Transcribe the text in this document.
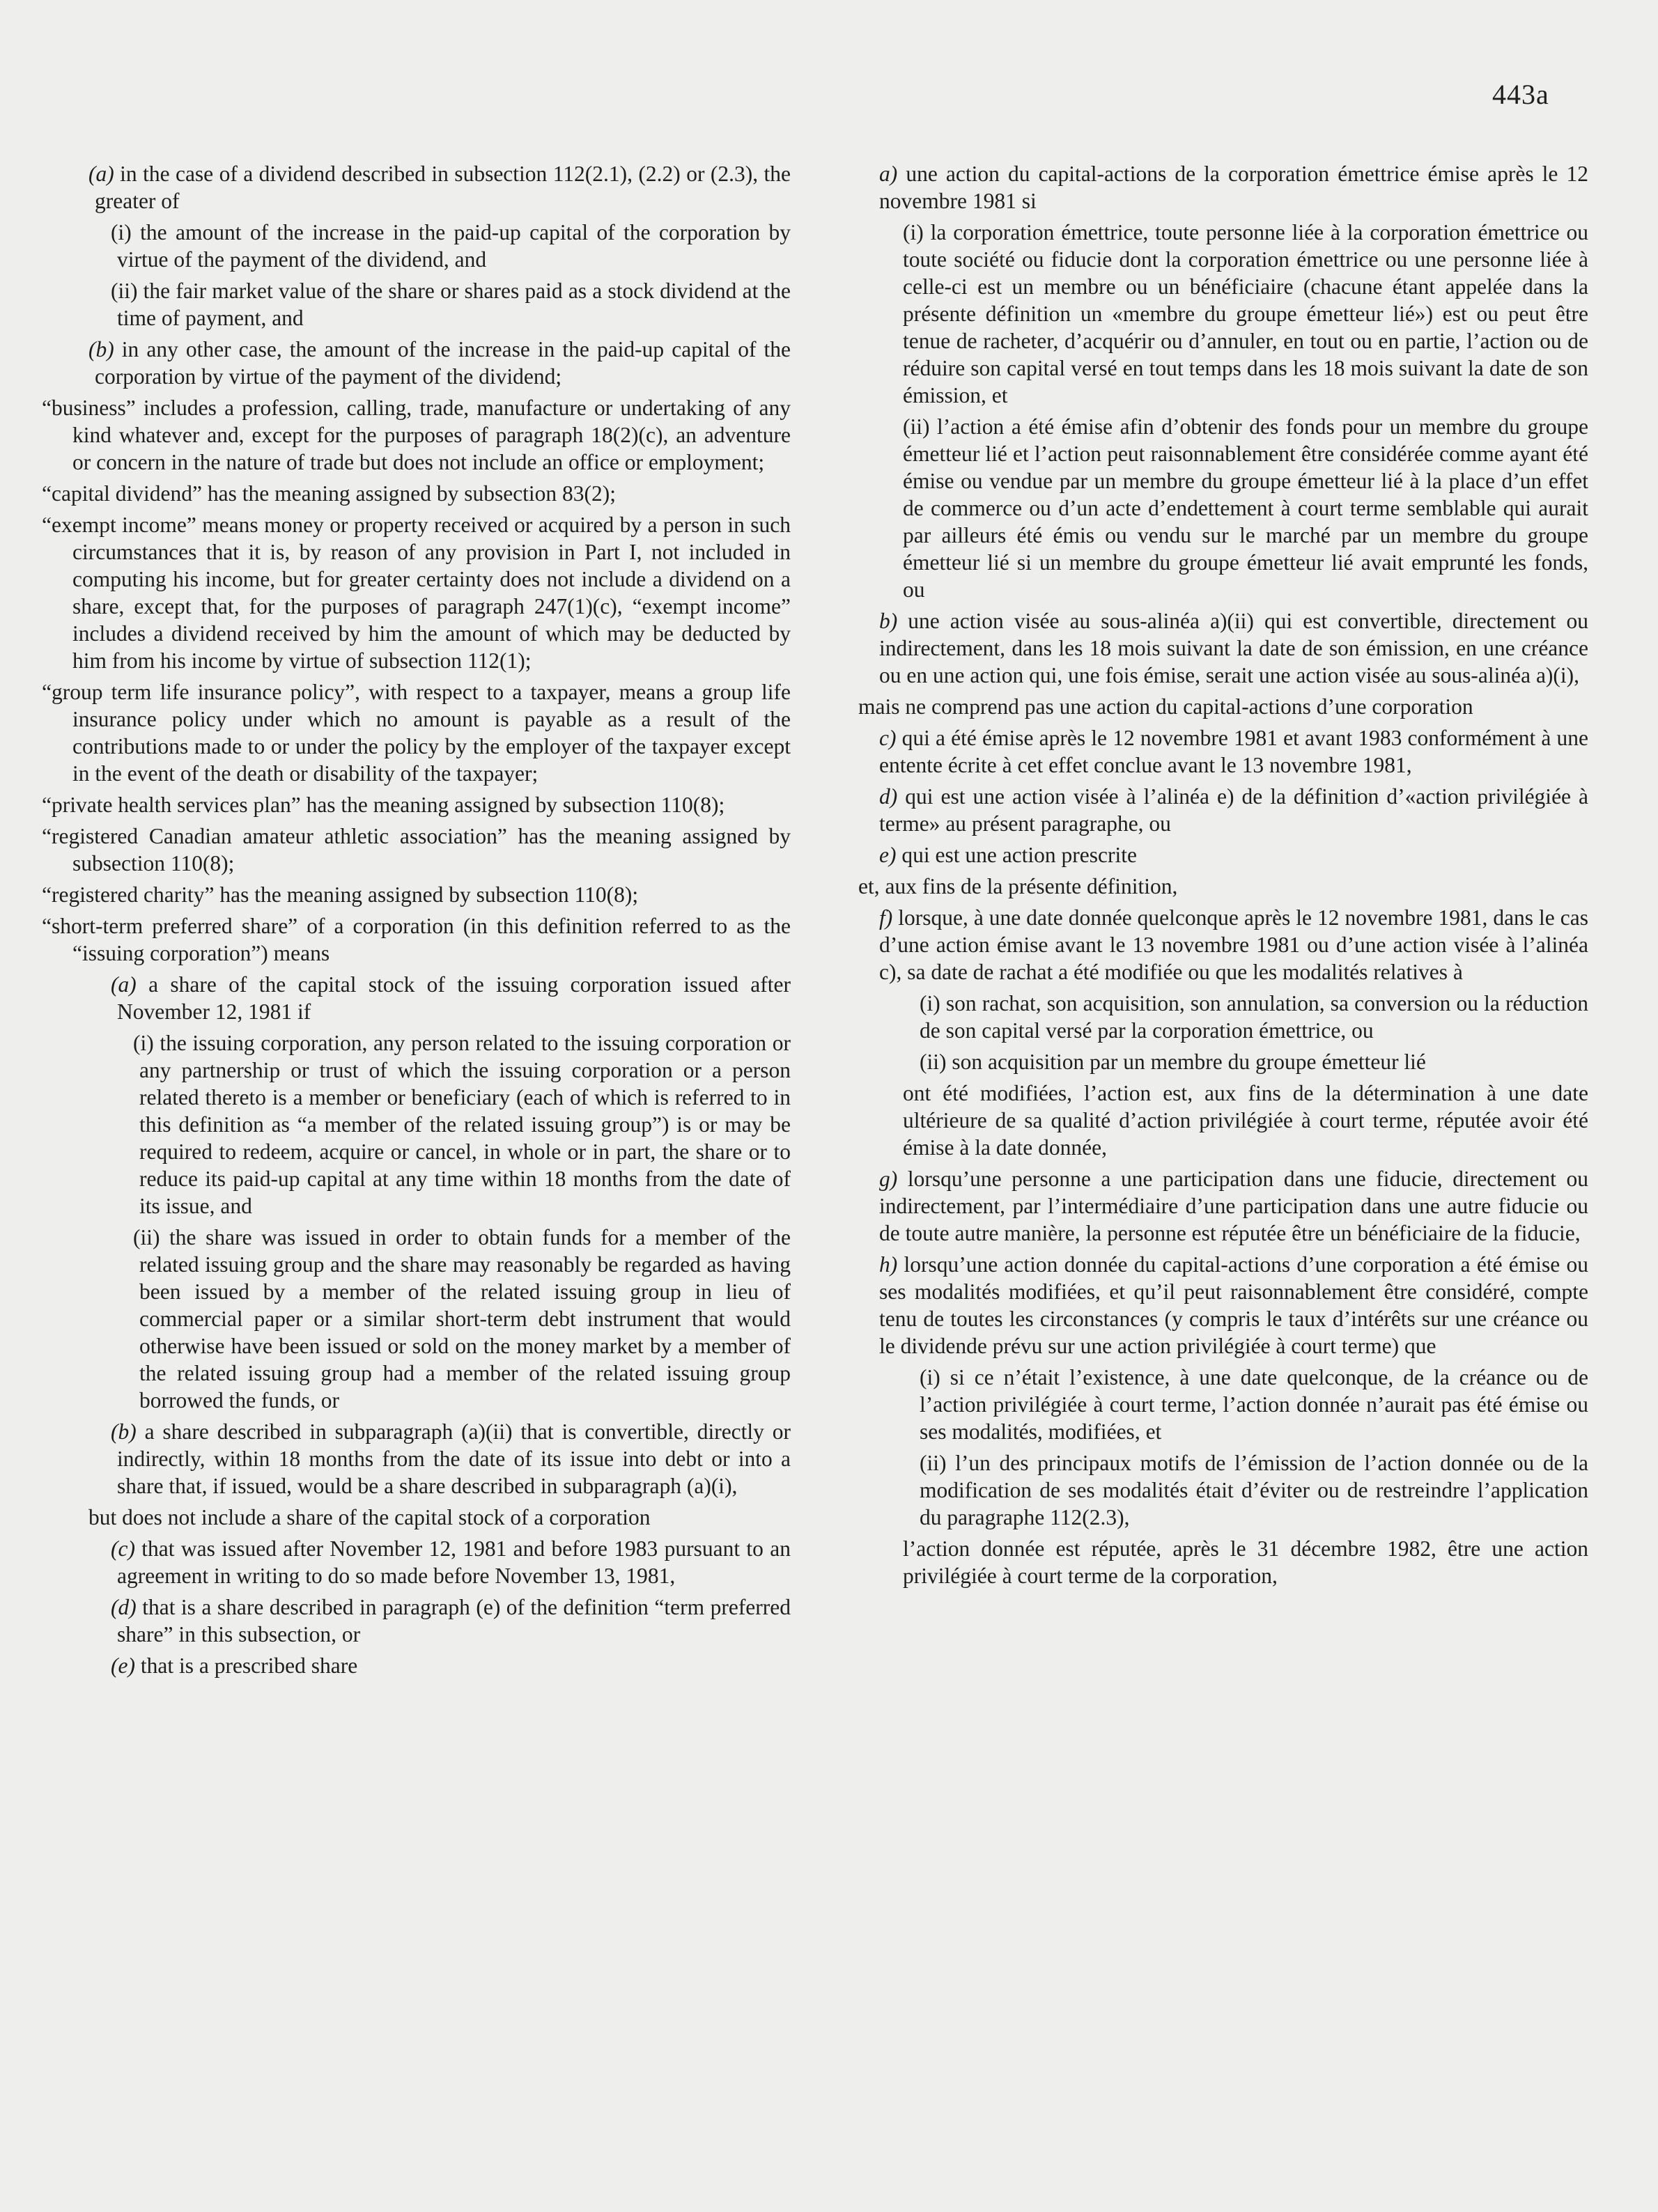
443a

(a) in the case of a dividend described in subsection 112(2.1), (2.2) or (2.3), the greater of

(i) the amount of the increase in the paid-up capital of the corporation by virtue of the payment of the dividend, and

(ii) the fair market value of the share or shares paid as a stock dividend at the time of payment, and

(b) in any other case, the amount of the increase in the paid-up capital of the corporation by virtue of the payment of the dividend;

“business” includes a profession, calling, trade, manufacture or undertaking of any kind whatever and, except for the purposes of paragraph 18(2)(c), an adventure or concern in the nature of trade but does not include an office or employment;

“capital dividend” has the meaning assigned by subsection 83(2);

“exempt income” means money or property received or acquired by a person in such circumstances that it is, by reason of any provision in Part I, not included in computing his income, but for greater certainty does not include a dividend on a share, except that, for the purposes of paragraph 247(1)(c), “exempt income” includes a dividend received by him the amount of which may be deducted by him from his income by virtue of subsection 112(1);

“group term life insurance policy”, with respect to a taxpayer, means a group life insurance policy under which no amount is payable as a result of the contributions made to or under the policy by the employer of the taxpayer except in the event of the death or disability of the taxpayer;

“private health services plan” has the meaning assigned by subsection 110(8);

“registered Canadian amateur athletic association” has the meaning assigned by subsection 110(8);

“registered charity” has the meaning assigned by subsection 110(8);

“short-term preferred share” of a corporation (in this definition referred to as the “issuing corporation”) means

(a) a share of the capital stock of the issuing corporation issued after November 12, 1981 if

(i) the issuing corporation, any person related to the issuing corporation or any partnership or trust of which the issuing corporation or a person related thereto is a member or beneficiary (each of which is referred to in this definition as “a member of the related issuing group”) is or may be required to redeem, acquire or cancel, in whole or in part, the share or to reduce its paid-up capital at any time within 18 months from the date of its issue, and

(ii) the share was issued in order to obtain funds for a member of the related issuing group and the share may reasonably be regarded as having been issued by a member of the related issuing group in lieu of commercial paper or a similar short-term debt instrument that would otherwise have been issued or sold on the money market by a member of the related issuing group had a member of the related issuing group borrowed the funds, or

(b) a share described in subparagraph (a)(ii) that is convertible, directly or indirectly, within 18 months from the date of its issue into debt or into a share that, if issued, would be a share described in subparagraph (a)(i),

but does not include a share of the capital stock of a corporation

(c) that was issued after November 12, 1981 and before 1983 pursuant to an agreement in writing to do so made before November 13, 1981,

(d) that is a share described in paragraph (e) of the definition “term preferred share” in this subsection, or

(e) that is a prescribed share

a) une action du capital-actions de la corporation émettrice émise après le 12 novembre 1981 si

(i) la corporation émettrice, toute personne liée à la corporation émettrice ou toute société ou fiducie dont la corporation émettrice ou une personne liée à celle-ci est un membre ou un bénéficiaire (chacune étant appelée dans la présente définition un «membre du groupe émetteur lié») est ou peut être tenue de racheter, d’acquérir ou d’annuler, en tout ou en partie, l’action ou de réduire son capital versé en tout temps dans les 18 mois suivant la date de son émission, et

(ii) l’action a été émise afin d’obtenir des fonds pour un membre du groupe émetteur lié et l’action peut raisonnablement être considérée comme ayant été émise ou vendue par un membre du groupe émetteur lié à la place d’un effet de commerce ou d’un acte d’endettement à court terme semblable qui aurait par ailleurs été émis ou vendu sur le marché par un membre du groupe émetteur lié si un membre du groupe émetteur lié avait emprunté les fonds, ou

b) une action visée au sous-alinéa a)(ii) qui est convertible, directement ou indirectement, dans les 18 mois suivant la date de son émission, en une créance ou en une action qui, une fois émise, serait une action visée au sous-alinéa a)(i),

mais ne comprend pas une action du capital-actions d’une corporation

c) qui a été émise après le 12 novembre 1981 et avant 1983 conformément à une entente écrite à cet effet conclue avant le 13 novembre 1981,

d) qui est une action visée à l’alinéa e) de la définition d’«action privilégiée à terme» au présent paragraphe, ou

e) qui est une action prescrite

et, aux fins de la présente définition,

f) lorsque, à une date donnée quelconque après le 12 novembre 1981, dans le cas d’une action émise avant le 13 novembre 1981 ou d’une action visée à l’alinéa c), sa date de rachat a été modifiée ou que les modalités relatives à

(i) son rachat, son acquisition, son annulation, sa conversion ou la réduction de son capital versé par la corporation émettrice, ou

(ii) son acquisition par un membre du groupe émetteur lié

ont été modifiées, l’action est, aux fins de la détermination à une date ultérieure de sa qualité d’action privilégiée à court terme, réputée avoir été émise à la date donnée,

g) lorsqu’une personne a une participation dans une fiducie, directement ou indirectement, par l’intermédiaire d’une participation dans une autre fiducie ou de toute autre manière, la personne est réputée être un bénéficiaire de la fiducie,

h) lorsqu’une action donnée du capital-actions d’une corporation a été émise ou ses modalités modifiées, et qu’il peut raisonnablement être considéré, compte tenu de toutes les circonstances (y compris le taux d’intérêts sur une créance ou le dividende prévu sur une action privilégiée à court terme) que

(i) si ce n’était l’existence, à une date quelconque, de la créance ou de l’action privilégiée à court terme, l’action donnée n’aurait pas été émise ou ses modalités, modifiées, et

(ii) l’un des principaux motifs de l’émission de l’action donnée ou de la modification de ses modalités était d’éviter ou de restreindre l’application du paragraphe 112(2.3),

l’action donnée est réputée, après le 31 décembre 1982, être une action privilégiée à court terme de la corporation,
